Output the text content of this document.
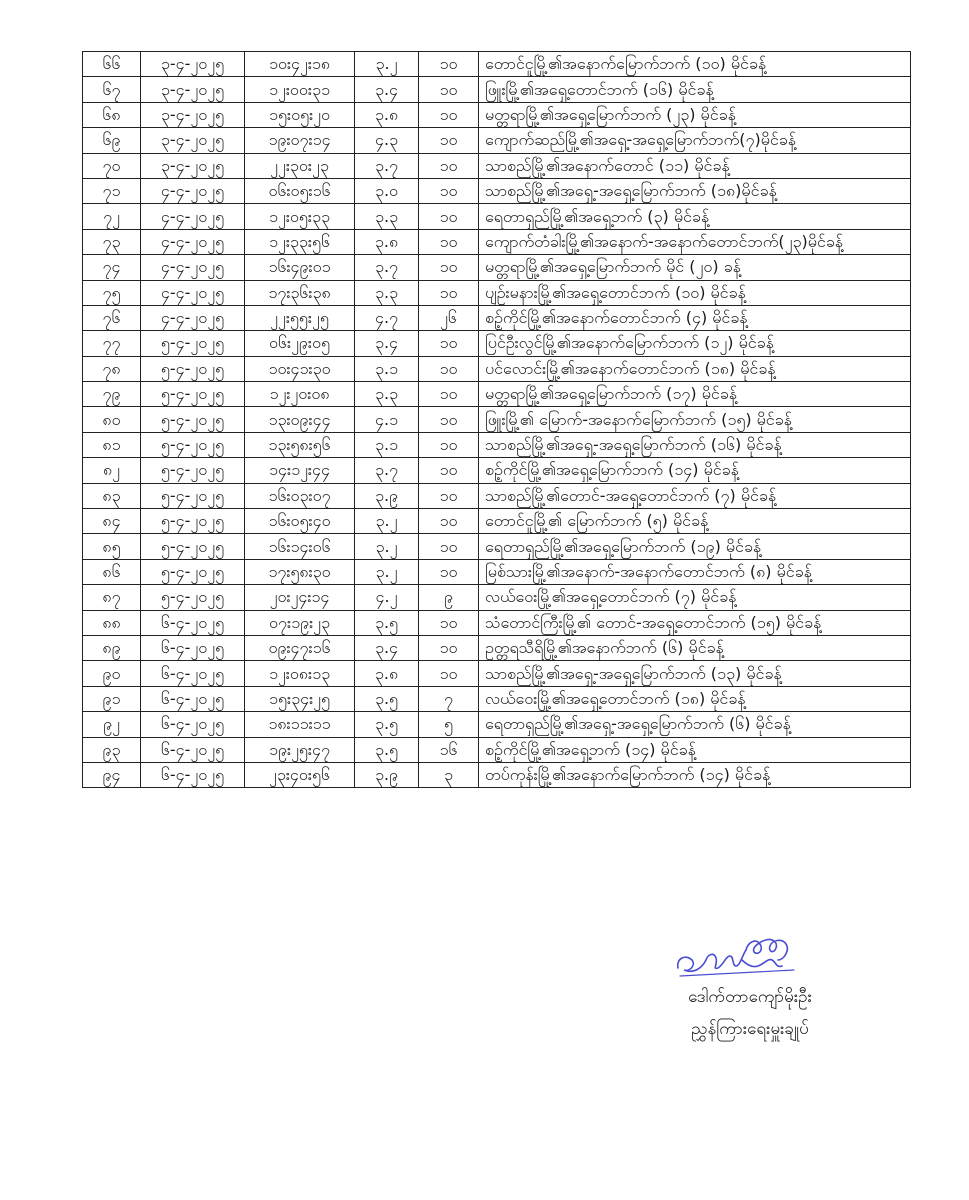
၆၆	၃-၄-၂၀၂၅	၁၀း၄၂း၁၈	၃.၂	၁၀	တောင်ငူမြို့၏အနောက်မြောက်ဘက် (၁၀) မိုင်ခန့်
၆၇	၃-၄-၂၀၂၅	၁၂း၀၀း၃၁	၃.၄	၁၀	ဖြူးမြို့၏အရှေ့တောင်ဘက် (၁၆) မိုင်ခန့်
၆၈	၃-၄-၂၀၂၅	၁၅း၀၅း၂၀	၃.၈	၁၀	မတ္တရာမြို့၏အရှေ့မြောက်ဘက် (၂၃) မိုင်ခန့်
၆၉	၃-၄-၂၀၂၅	၁၉း၀၇း၁၄	၄.၃	၁၀	ကျောက်ဆည်မြို့၏အရှေ့-အရှေ့မြောက်ဘက်(၇)မိုင်ခန့်
၇၀	၃-၄-၂၀၂၅	၂၂း၃၀း၂၃	၃.၇	၁၀	သာစည်မြို့၏အနောက်တောင် (၁၁) မိုင်ခန့်
၇၁	၄-၄-၂၀၂၅	၀၆း၀၅း၁၆	၃.၀	၁၀	သာစည်မြို့၏အရှေ့-အရှေ့မြောက်ဘက် (၁၈)မိုင်ခန့်
၇၂	၄-၄-၂၀၂၅	၁၂း၀၅း၃၃	၃.၃	၁၀	ရေတာရှည်မြို့၏အရှေ့ဘက် (၃) မိုင်ခန့်
၇၃	၄-၄-၂၀၂၅	၁၂း၃၃း၅၆	၃.၈	၁၀	ကျောက်တံခါးမြို့၏အနောက်-အနောက်တောင်ဘက်(၂၃)မိုင်ခန့်
၇၄	၄-၄-၂၀၂၅	၁၆း၄၉း၀၁	၃.၇	၁၀	မတ္တရာမြို့၏အရှေ့မြောက်ဘက် မိုင် (၂၀) ခန့်
၇၅	၄-၄-၂၀၂၅	၁၇း၃၆း၃၈	၃.၃	၁၀	ပျဉ်းမနားမြို့၏အရှေ့တောင်ဘက် (၁၀) မိုင်ခန့်
၇၆	၄-၄-၂၀၂၅	၂၂း၅၅း၂၅	၄.၇	၂၆	စဉ့်ကိုင်မြို့၏အနောက်တောင်ဘက် (၄) မိုင်ခန့်
၇၇	၅-၄-၂၀၂၅	၀၆း၂၉း၀၅	၃.၄	၁၀	ပြင်ဦးလွင်မြို့၏အနောက်မြောက်ဘက် (၁၂) မိုင်ခန့်
၇၈	၅-၄-၂၀၂၅	၁၀း၄၁း၃၀	၃.၁	၁၀	ပင်လောင်းမြို့၏အနောက်တောင်ဘက် (၁၈) မိုင်ခန့်
၇၉	၅-၄-၂၀၂၅	၁၂း၂၀း၀၈	၃.၃	၁၀	မတ္တရာမြို့၏အရှေ့မြောက်ဘက် (၁၇) မိုင်ခန့်
၈၀	၅-၄-၂၀၂၅	၁၃း၀၉း၄၄	၄.၁	၁၀	ဖြူးမြို့၏ မြောက်-အနောက်မြောက်ဘက် (၁၅) မိုင်ခန့်
၈၁	၅-၄-၂၀၂၅	၁၃း၅၈း၅၆	၃.၁	၁၀	သာစည်မြို့၏အရှေ့-အရှေ့မြောက်ဘက် (၁၆) မိုင်ခန့်
၈၂	၅-၄-၂၀၂၅	၁၄း၁၂း၄၄	၃.၇	၁၀	စဉ့်ကိုင်မြို့၏အရှေ့မြောက်ဘက် (၁၄) မိုင်ခန့်
၈၃	၅-၄-၂၀၂၅	၁၆း၀၃း၀၇	၃.၉	၁၀	သာစည်မြို့၏တောင်-အရှေ့တောင်ဘက် (၇) မိုင်ခန့်
၈၄	၅-၄-၂၀၂၅	၁၆း၀၅း၄၀	၃.၂	၁၀	တောင်ငူမြို့၏ မြောက်ဘက် (၅) မိုင်ခန့်
၈၅	၅-၄-၂၀၂၅	၁၆း၁၄း၀၆	၃.၂	၁၀	ရေတာရှည်မြို့၏အရှေ့မြောက်ဘက် (၁၉) မိုင်ခန့်
၈၆	၅-၄-၂၀၂၅	၁၇း၅၈း၃၀	၃.၂	၁၀	မြစ်သားမြို့၏အနောက်-အနောက်တောင်ဘက် (၈) မိုင်ခန့်
၈၇	၅-၄-၂၀၂၅	၂၀း၂၄း၁၄	၄.၂	၉	လယ်ဝေးမြို့၏အရှေ့တောင်ဘက် (၇) မိုင်ခန့်
၈၈	၆-၄-၂၀၂၅	၀၇း၁၉း၂၃	၃.၅	၁၀	သံတောင်ကြီးမြို့၏ တောင်-အရှေ့တောင်ဘက် (၁၅) မိုင်ခန့်
၈၉	၆-၄-၂၀၂၅	၀၉း၄၇း၁၆	၃.၄	၁၀	ဥတ္တရသီရိမြို့၏အနောက်ဘက် (၆) မိုင်ခန့်
၉၀	၆-၄-၂၀၂၅	၁၂း၀၈း၁၃	၃.၈	၁၀	သာစည်မြို့၏အရှေ့-အရှေ့မြောက်ဘက် (၁၃) မိုင်ခန့်
၉၁	၆-၄-၂၀၂၅	၁၅း၃၄း၂၅	၃.၅	၇	လယ်ဝေးမြို့၏အရှေ့တောင်ဘက် (၁၈) မိုင်ခန့်
၉၂	၆-၄-၂၀၂၅	၁၈း၁၁း၁၁	၃.၅	၅	ရေတာရှည်မြို့၏အရှေ့-အရှေ့မြောက်ဘက် (၆) မိုင်ခန့်
၉၃	၆-၄-၂၀၂၅	၁၉း၂၅း၄၇	၃.၅	၁၆	စဉ့်ကိုင်မြို့၏အရှေ့ဘက် (၁၄) မိုင်ခန့်
၉၄	၆-၄-၂၀၂၅	၂၃း၄၀း၅၆	၃.၉	၃	တပ်ကုန်းမြို့၏အနောက်မြောက်ဘက် (၁၄) မိုင်ခန့်
ဒေါက်တာကျော်မိုးဦး
ညွှန်ကြားရေးမှူးချုပ်
